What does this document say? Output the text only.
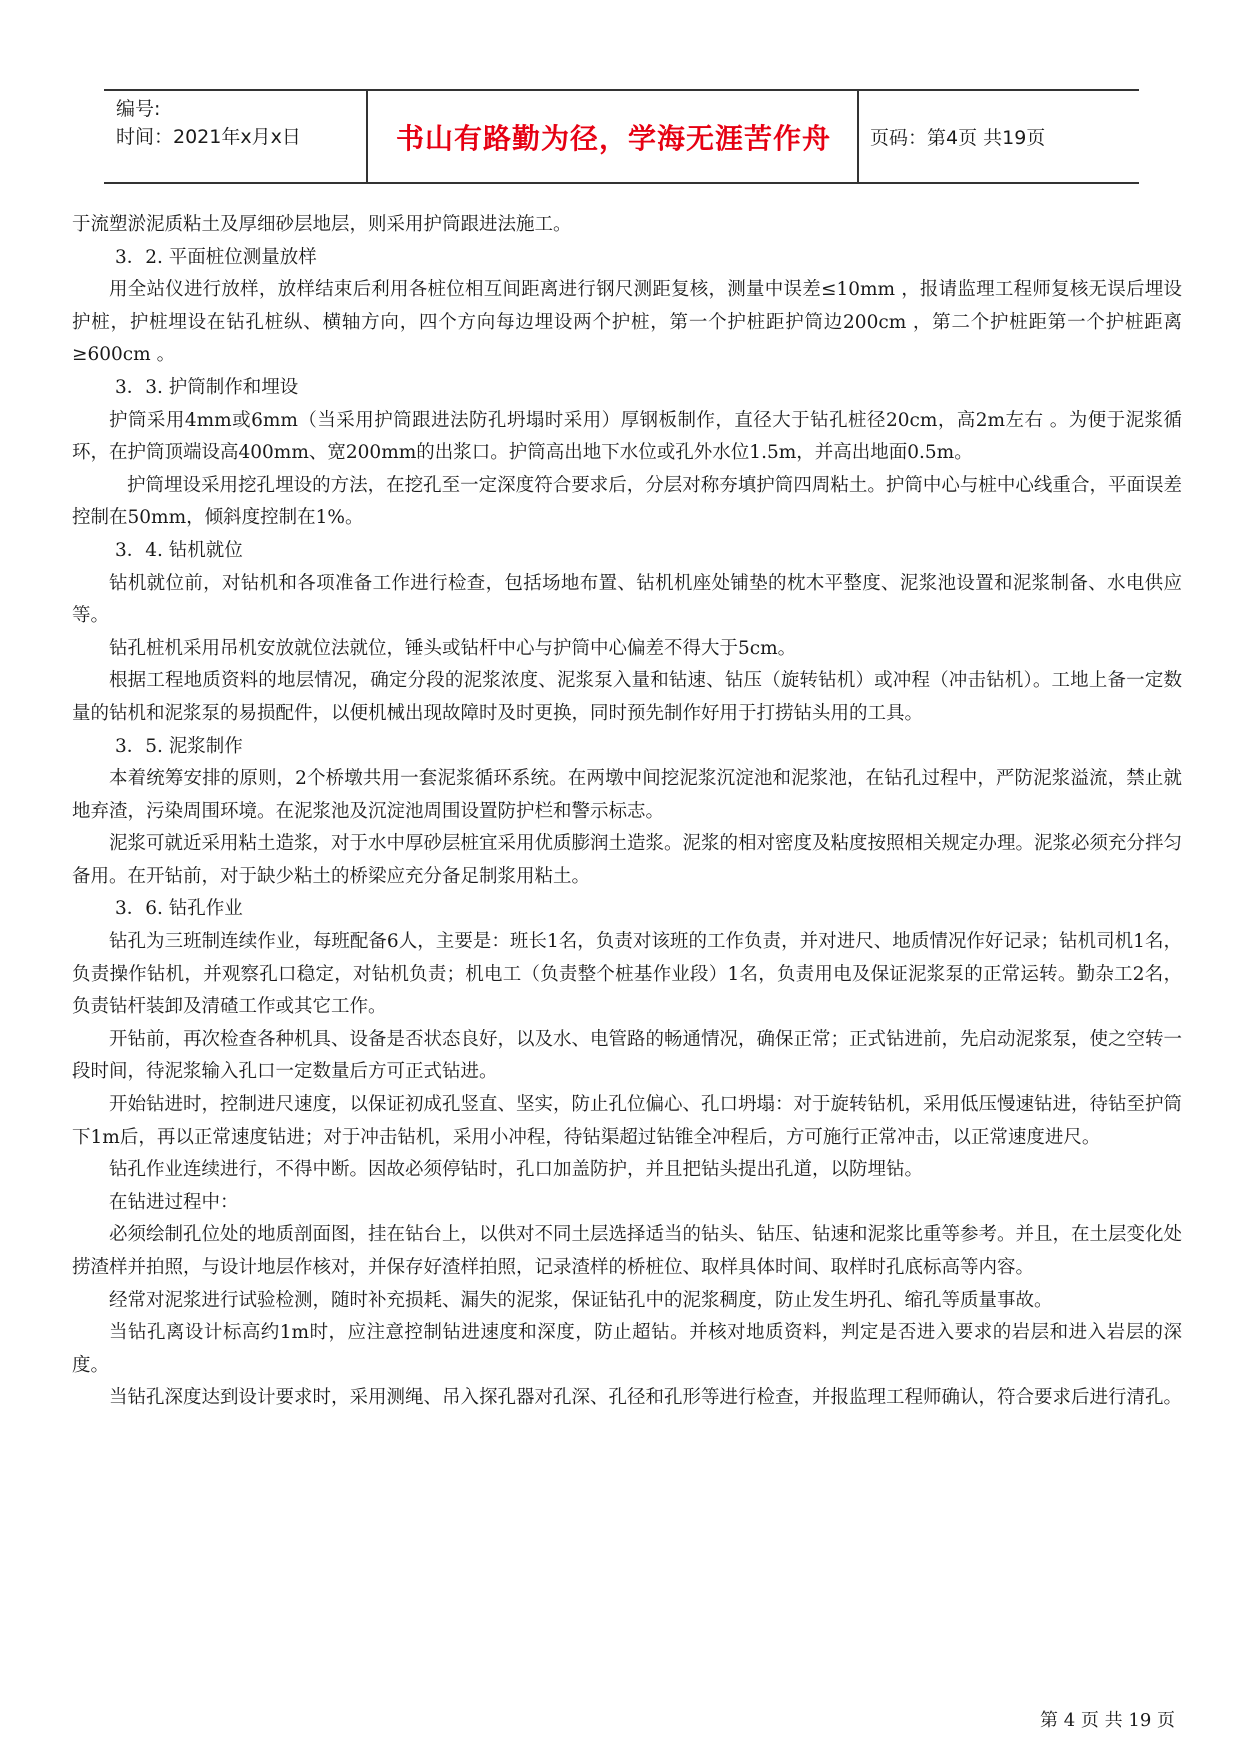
编号:
时间：2021年x月x日	书山有路勤为径，学海无涯苦作舟	页码：第4页 共19页

于流塑淤泥质粘土及厚细砂层地层，则采用护筒跟进法施工。

3．2. 平面桩位测量放样

用全站仪进行放样，放样结束后利用各桩位相互间距离进行钢尺测距复核，测量中误差≤10mm ，报请监理工程师复核无误后埋设护桩，护桩埋设在钻孔桩纵、横轴方向，四个方向每边埋设两个护桩，第一个护桩距护筒边200cm ，第二个护桩距第一个护桩距离≥600cm 。

3．3. 护筒制作和埋设

护筒采用4mm或6mm（当采用护筒跟进法防孔坍塌时采用）厚钢板制作，直径大于钻孔桩径20cm，高2m左右 。为便于泥浆循环，在护筒顶端设高400mm、宽200mm的出浆口。护筒高出地下水位或孔外水位1.5m，并高出地面0.5m。

护筒埋设采用挖孔埋设的方法，在挖孔至一定深度符合要求后，分层对称夯填护筒四周粘土。护筒中心与桩中心线重合，平面误差控制在50mm，倾斜度控制在1%。

3．4. 钻机就位

钻机就位前，对钻机和各项准备工作进行检查，包括场地布置、钻机机座处铺垫的枕木平整度、泥浆池设置和泥浆制备、水电供应等。

钻孔桩机采用吊机安放就位法就位，锤头或钻杆中心与护筒中心偏差不得大于5cm。

根据工程地质资料的地层情况，确定分段的泥浆浓度、泥浆泵入量和钻速、钻压（旋转钻机）或冲程（冲击钻机）。工地上备一定数量的钻机和泥浆泵的易损配件，以便机械出现故障时及时更换，同时预先制作好用于打捞钻头用的工具。

3．5. 泥浆制作

本着统筹安排的原则，2个桥墩共用一套泥浆循环系统。在两墩中间挖泥浆沉淀池和泥浆池，在钻孔过程中，严防泥浆溢流，禁止就地弃渣，污染周围环境。在泥浆池及沉淀池周围设置防护栏和警示标志。

泥浆可就近采用粘土造浆，对于水中厚砂层桩宜采用优质膨润土造浆。泥浆的相对密度及粘度按照相关规定办理。泥浆必须充分拌匀备用。在开钻前，对于缺少粘土的桥梁应充分备足制浆用粘土。

3．6. 钻孔作业

钻孔为三班制连续作业，每班配备6人，主要是：班长1名，负责对该班的工作负责，并对进尺、地质情况作好记录；钻机司机1名，负责操作钻机，并观察孔口稳定，对钻机负责；机电工（负责整个桩基作业段）1名，负责用电及保证泥浆泵的正常运转。勤杂工2名，负责钻杆装卸及清碴工作或其它工作。

开钻前，再次检查各种机具、设备是否状态良好，以及水、电管路的畅通情况，确保正常；正式钻进前，先启动泥浆泵，使之空转一段时间，待泥浆输入孔口一定数量后方可正式钻进。

开始钻进时，控制进尺速度，以保证初成孔竖直、坚实，防止孔位偏心、孔口坍塌：对于旋转钻机，采用低压慢速钻进，待钻至护筒下1m后，再以正常速度钻进；对于冲击钻机，采用小冲程，待钻渠超过钻锥全冲程后，方可施行正常冲击，以正常速度进尺。

钻孔作业连续进行，不得中断。因故必须停钻时，孔口加盖防护，并且把钻头提出孔道，以防埋钻。

在钻进过程中：

必须绘制孔位处的地质剖面图，挂在钻台上，以供对不同土层选择适当的钻头、钻压、钻速和泥浆比重等参考。并且，在土层变化处捞渣样并拍照，与设计地层作核对，并保存好渣样拍照，记录渣样的桥桩位、取样具体时间、取样时孔底标高等内容。

经常对泥浆进行试验检测，随时补充损耗、漏失的泥浆，保证钻孔中的泥浆稠度，防止发生坍孔、缩孔等质量事故。

当钻孔离设计标高约1m时，应注意控制钻进速度和深度，防止超钻。并核对地质资料，判定是否进入要求的岩层和进入岩层的深度。

当钻孔深度达到设计要求时，采用测绳、吊入探孔器对孔深、孔径和孔形等进行检查，并报监理工程师确认，符合要求后进行清孔。

第 4 页 共 19 页
